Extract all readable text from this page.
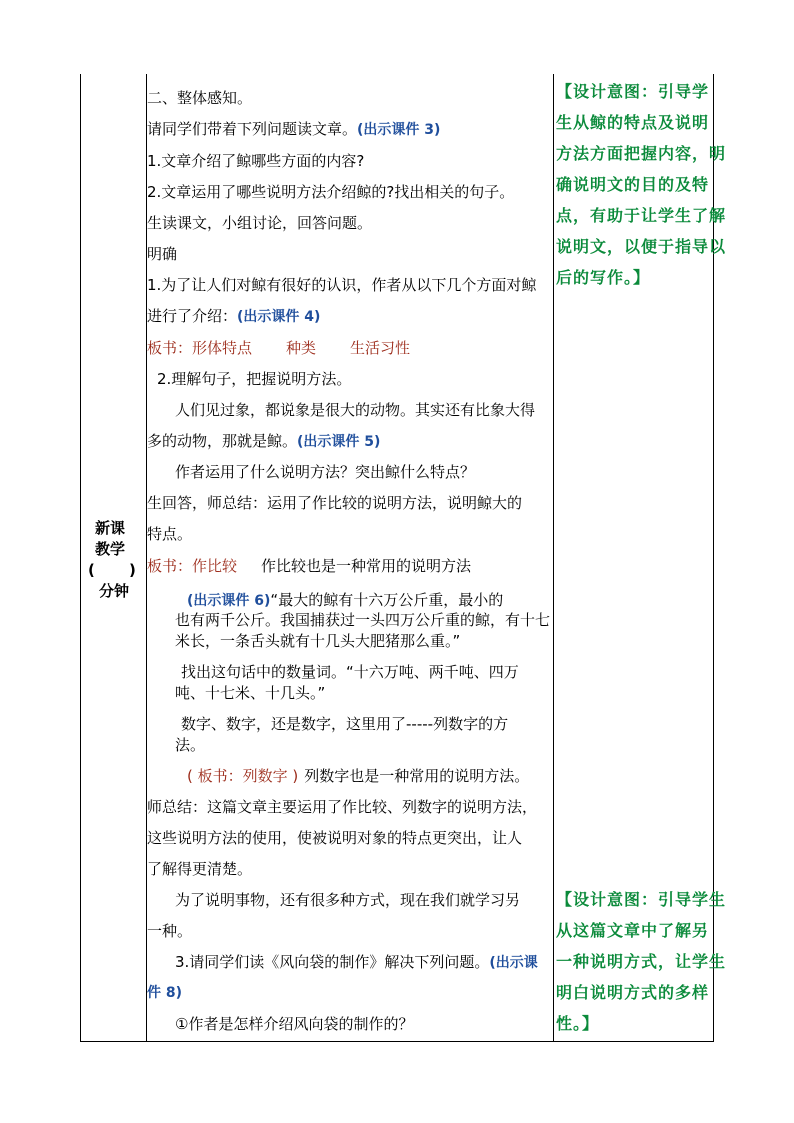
新课
教学
( )
分钟
二、整体感知。
请同学们带着下列问题读文章。(出示课件 3)
1.文章介绍了鲸哪些方面的内容?
2.文章运用了哪些说明方法介绍鲸的?找出相关的句子。
生读课文，小组讨论，回答问题。
明确
1.为了让人们对鲸有很好的认识，作者从以下几个方面对鲸
进行了介绍：(出示课件 4)
板书：形体特点 种类 生活习性
2.理解句子，把握说明方法。
人们见过象，都说象是很大的动物。其实还有比象大得
多的动物，那就是鲸。(出示课件 5)
作者运用了什么说明方法？突出鲸什么特点？
生回答，师总结：运用了作比较的说明方法，说明鲸大的
特点。
板书：作比较 作比较也是一种常用的说明方法
(出示课件 6)“最大的鲸有十六万公斤重，最小的
也有两千公斤。我国捕获过一头四万公斤重的鲸，有十七
米长，一条舌头就有十几头大肥猪那么重。”
找出这句话中的数量词。“十六万吨、两千吨、四万
吨、十七米、十几头。”
数字、数字，还是数字，这里用了-----列数字的方
法。
( 板书：列数字 ) 列数字也是一种常用的说明方法。
师总结：这篇文章主要运用了作比较、列数字的说明方法，
这些说明方法的使用，使被说明对象的特点更突出，让人
了解得更清楚。
为了说明事物，还有很多种方式，现在我们就学习另
一种。
3.请同学们读《风向袋的制作》解决下列问题。(出示课
件 8)
①作者是怎样介绍风向袋的制作的？
【设计意图：引导学
生从鲸的特点及说明
方法方面把握内容，明
确说明文的目的及特
点，有助于让学生了解
说明文，以便于指导以
后的写作。】
【设计意图：引导学生
从这篇文章中了解另
一种说明方式，让学生
明白说明方式的多样
性。】
